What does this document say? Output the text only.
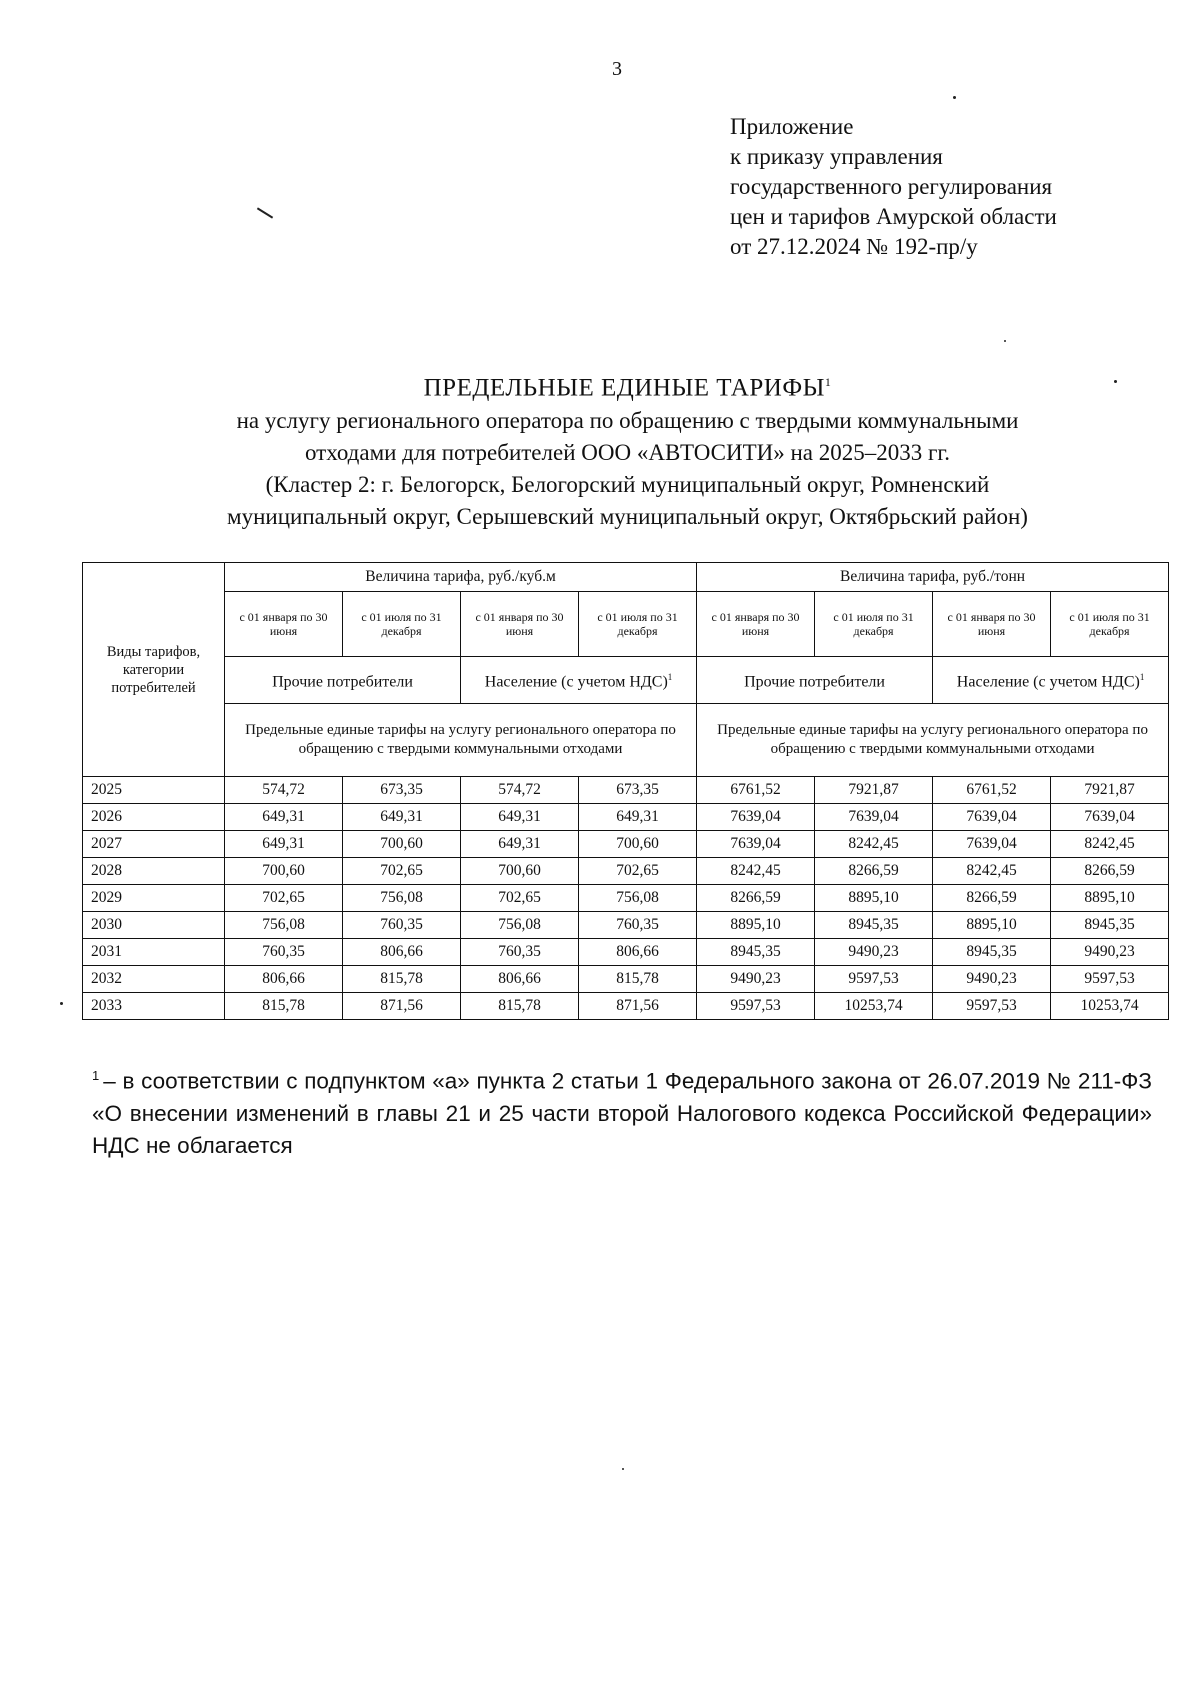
3
Приложение
к приказу управления
государственного регулирования
цен и тарифов Амурской области
от 27.12.2024 № 192-пр/у
ПРЕДЕЛЬНЫЕ ЕДИНЫЕ ТАРИФЫ$^1$
на услугу регионального оператора по обращению с твердыми коммунальными
отходами для потребителей ООО «АВТОСИТИ» на 2025–2033 гг.
(Кластер 2: г. Белогорск, Белогорский муниципальный округ, Ромненский
муниципальный округ, Серышевский муниципальный округ, Октябрьский район)
Виды тарифов, категории потребителей	Величина тарифа, руб./куб.м				Величина тарифа, руб./тонн			
	с 01 января по 30 июня	с 01 июля по 31 декабря	с 01 января по 30 июня	с 01 июля по 31 декабря	с 01 января по 30 июня	с 01 июля по 31 декабря	с 01 января по 30 июня	с 01 июля по 31 декабря
	Прочие потребители		Население (с учетом НДС)$^1$		Прочие потребители		Население (с учетом НДС)$^1$
	Предельные единые тарифы на услугу регионального оператора по обращению с твердыми коммунальными отходами				Предельные единые тарифы на услугу регионального оператора по обращению с твердыми коммунальными отходами			
2025	574,72	673,35	574,72	673,35	6761,52	7921,87	6761,52	7921,87
2026	649,31	649,31	649,31	649,31	7639,04	7639,04	7639,04	7639,04
2027	649,31	700,60	649,31	700,60	7639,04	8242,45	7639,04	8242,45
2028	700,60	702,65	700,60	702,65	8242,45	8266,59	8242,45	8266,59
2029	702,65	756,08	702,65	756,08	8266,59	8895,10	8266,59	8895,10
2030	756,08	760,35	756,08	760,35	8895,10	8945,35	8895,10	8945,35
2031	760,35	806,66	760,35	806,66	8945,35	9490,23	8945,35	9490,23
2032	806,66	815,78	806,66	815,78	9490,23	9597,53	9490,23	9597,53
2033	815,78	871,56	815,78	871,56	9597,53	10253,74	9597,53	10253,74
$^1$ – в соответствии с подпунктом «а» пункта 2 статьи 1 Федерального закона от 26.07.2019 № 211-ФЗ «О внесении изменений в главы 21 и 25 части второй Налогового кодекса Российской Федерации» НДС не облагается
